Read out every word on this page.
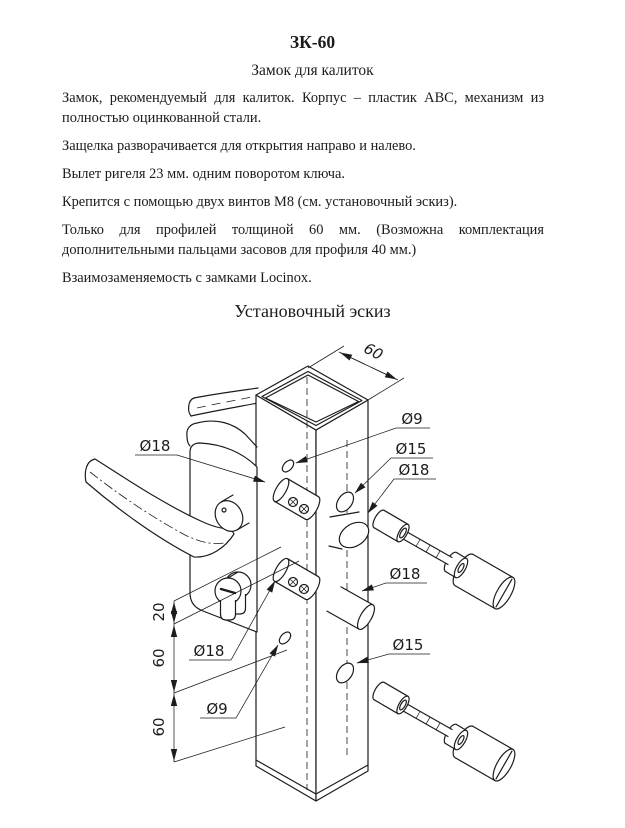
ЗК-60
Замок для калиток

Замок, рекомендуемый для калиток. Корпус – пластик ABC, механизм из полностью оцинкованной стали.

Защелка разворачивается для открытия направо и налево.

Вылет ригеля 23 мм. одним поворотом ключа.

Крепится с помощью двух винтов М8 (см. установочный эскиз).

Только для профилей толщиной 60 мм. (Возможна комплектация дополнительными пальцами засовов для профиля 40 мм.)

Взаимозаменяемость с замками Locinox.

Установочный эскиз
60
20
60
60
Ø9
Ø15
Ø18
Ø18
Ø18
Ø15
Ø18
Ø9
